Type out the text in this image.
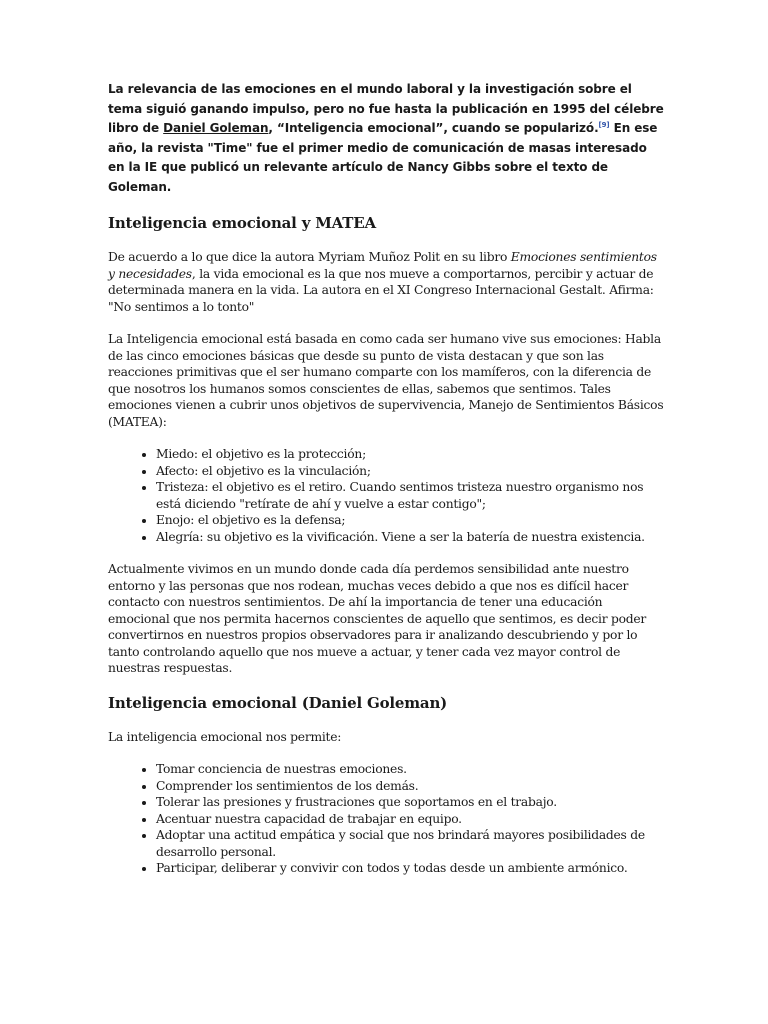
La relevancia de las emociones en el mundo laboral y la investigación sobre el tema siguió ganando impulso, pero no fue hasta la publicación en 1995 del célebre libro de Daniel Goleman, “Inteligencia emocional”, cuando se popularizó.[9] En ese año, la revista "Time" fue el primer medio de comunicación de masas interesado en la IE que publicó un relevante artículo de Nancy Gibbs sobre el texto de Goleman.
Inteligencia emocional y MATEA

De acuerdo a lo que dice la autora Myriam Muñoz Polit en su libro Emociones sentimientos y necesidades, la vida emocional es la que nos mueve a comportarnos, percibir y actuar de determinada manera en la vida. La autora en el XI Congreso Internacional Gestalt. Afirma: "No sentimos a lo tonto"

La Inteligencia emocional está basada en como cada ser humano vive sus emociones: Habla de las cinco emociones básicas que desde su punto de vista destacan y que son las reacciones primitivas que el ser humano comparte con los mamíferos, con la diferencia de que nosotros los humanos somos conscientes de ellas, sabemos que sentimos. Tales emociones vienen a cubrir unos objetivos de supervivencia, Manejo de Sentimientos Básicos (MATEA):

• Miedo: el objetivo es la protección;
• Afecto: el objetivo es la vinculación;
• Tristeza: el objetivo es el retiro. Cuando sentimos tristeza nuestro organismo nos está diciendo "retírate de ahí y vuelve a estar contigo";
• Enojo: el objetivo es la defensa;
• Alegría: su objetivo es la vivificación. Viene a ser la batería de nuestra existencia.

Actualmente vivimos en un mundo donde cada día perdemos sensibilidad ante nuestro entorno y las personas que nos rodean, muchas veces debido a que nos es difícil hacer contacto con nuestros sentimientos. De ahí la importancia de tener una educación emocional que nos permita hacernos conscientes de aquello que sentimos, es decir poder convertirnos en nuestros propios observadores para ir analizando descubriendo y por lo tanto controlando aquello que nos mueve a actuar, y tener cada vez mayor control de nuestras respuestas.

Inteligencia emocional (Daniel Goleman)

La inteligencia emocional nos permite:

• Tomar conciencia de nuestras emociones.
• Comprender los sentimientos de los demás.
• Tolerar las presiones y frustraciones que soportamos en el trabajo.
• Acentuar nuestra capacidad de trabajar en equipo.
• Adoptar una actitud empática y social que nos brindará mayores posibilidades de desarrollo personal.
• Participar, deliberar y convivir con todos y todas desde un ambiente armónico.
